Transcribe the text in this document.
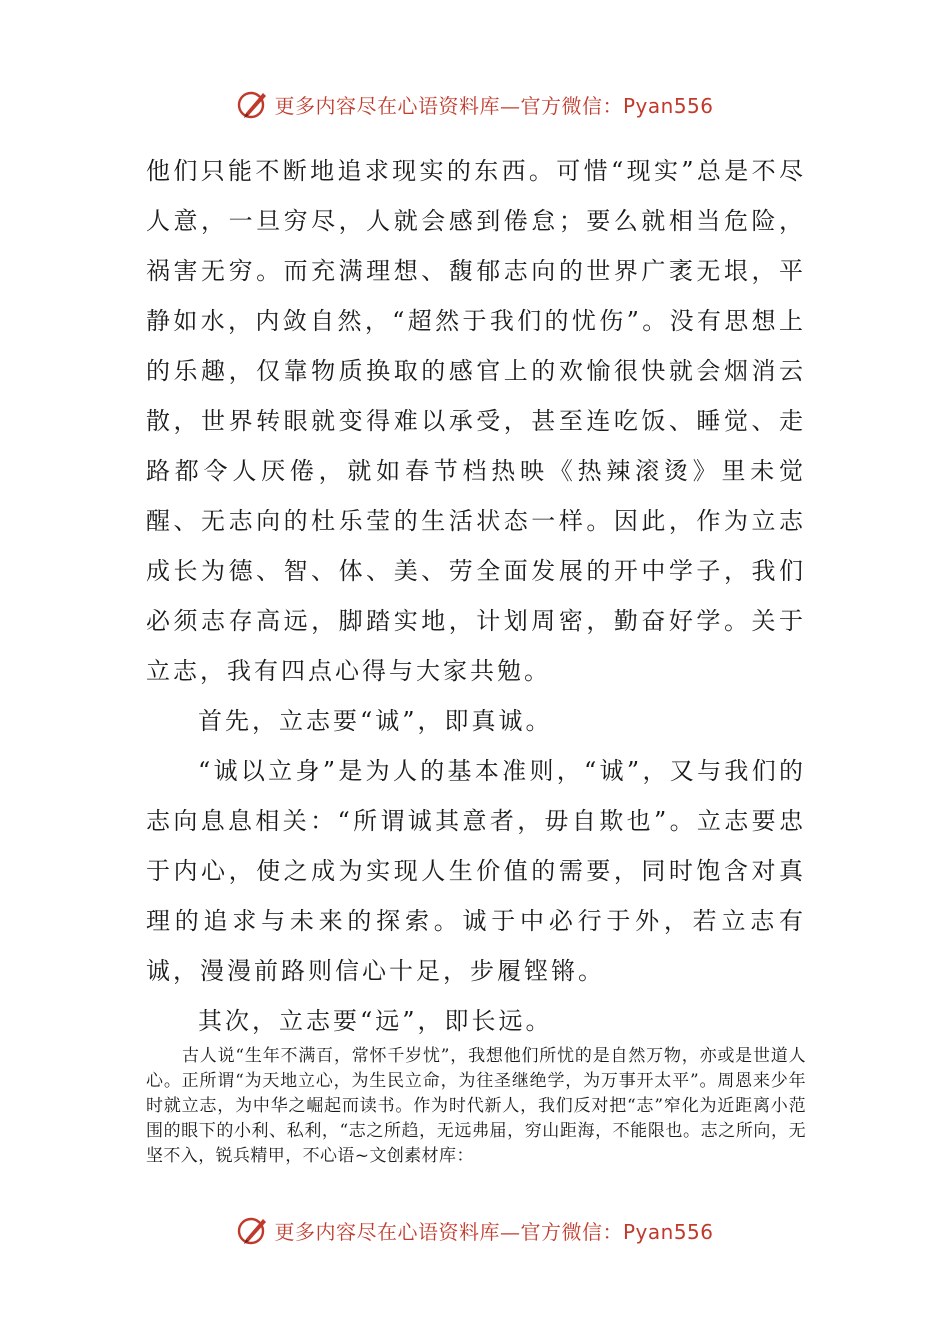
更多内容尽在心语资料库—官方微信：Pyan556

他们只能不断地追求现实的东西。可惜“现实”总是不尽人意，一旦穷尽，人就会感到倦怠；要么就相当危险，祸害无穷。而充满理想、馥郁志向的世界广袤无垠，平静如水，内敛自然，“超然于我们的忧伤”。没有思想上的乐趣，仅靠物质换取的感官上的欢愉很快就会烟消云散，世界转眼就变得难以承受，甚至连吃饭、睡觉、走路都令人厌倦，就如春节档热映《热辣滚烫》里未觉醒、无志向的杜乐莹的生活状态一样。因此，作为立志成长为德、智、体、美、劳全面发展的开中学子，我们必须志存高远，脚踏实地，计划周密，勤奋好学。关于立志，我有四点心得与大家共勉。

首先，立志要“诚”，即真诚。

“诚以立身”是为人的基本准则，“诚”，又与我们的志向息息相关：“所谓诚其意者，毋自欺也”。立志要忠于内心，使之成为实现人生价值的需要，同时饱含对真理的追求与未来的探索。诚于中必行于外，若立志有诚，漫漫前路则信心十足，步履铿锵。

其次，立志要“远”，即长远。

古人说“生年不满百，常怀千岁忧”，我想他们所忧的是自然万物，亦或是世道人心。正所谓“为天地立心，为生民立命，为往圣继绝学，为万事开太平”。周恩来少年时就立志，为中华之崛起而读书。作为时代新人，我们反对把“志”窄化为近距离小范围的眼下的小利、私利，“志之所趋，无远弗届，穷山距海，不能限也。志之所向，无坚不入，锐兵精甲，不心语~文创素材库：

更多内容尽在心语资料库—官方微信：Pyan556
